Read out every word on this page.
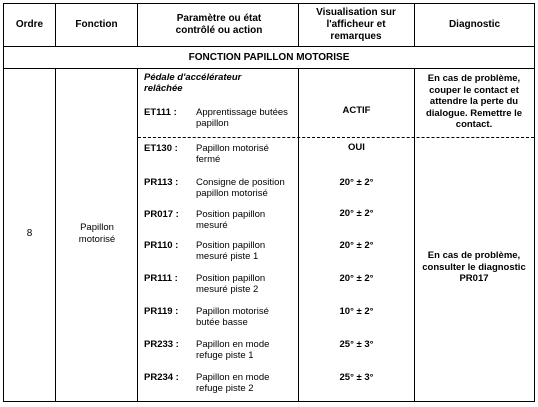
Ordre	Fonction
Paramètre ou état contrôlé ou action
Visualisation sur l'afficheur et remarques
Diagnostic
FONCTION PAPILLON MOTORISE
8
Papillon motorisé
Pédale d'accélérateur relâchée
ET111 : Apprentissage butées papillon
ACTIF
ET130 : Papillon motorisé fermé
OUI
PR113 : Consigne de position papillon motorisé
20° ± 2°
PR017 : Position papillon mesuré
20° ± 2°
PR110 : Position papillon mesuré piste 1
20° ± 2°
PR111 : Position papillon mesuré piste 2
20° ± 2°
PR119 : Papillon motorisé butée basse
10° ± 2°
PR233 : Papillon en mode refuge piste 1
25° ± 3°
PR234 : Papillon en mode refuge piste 2
25° ± 3°
En cas de problème, couper le contact et attendre la perte du dialogue. Remettre le contact.
En cas de problème, consulter le diagnostic PR017
